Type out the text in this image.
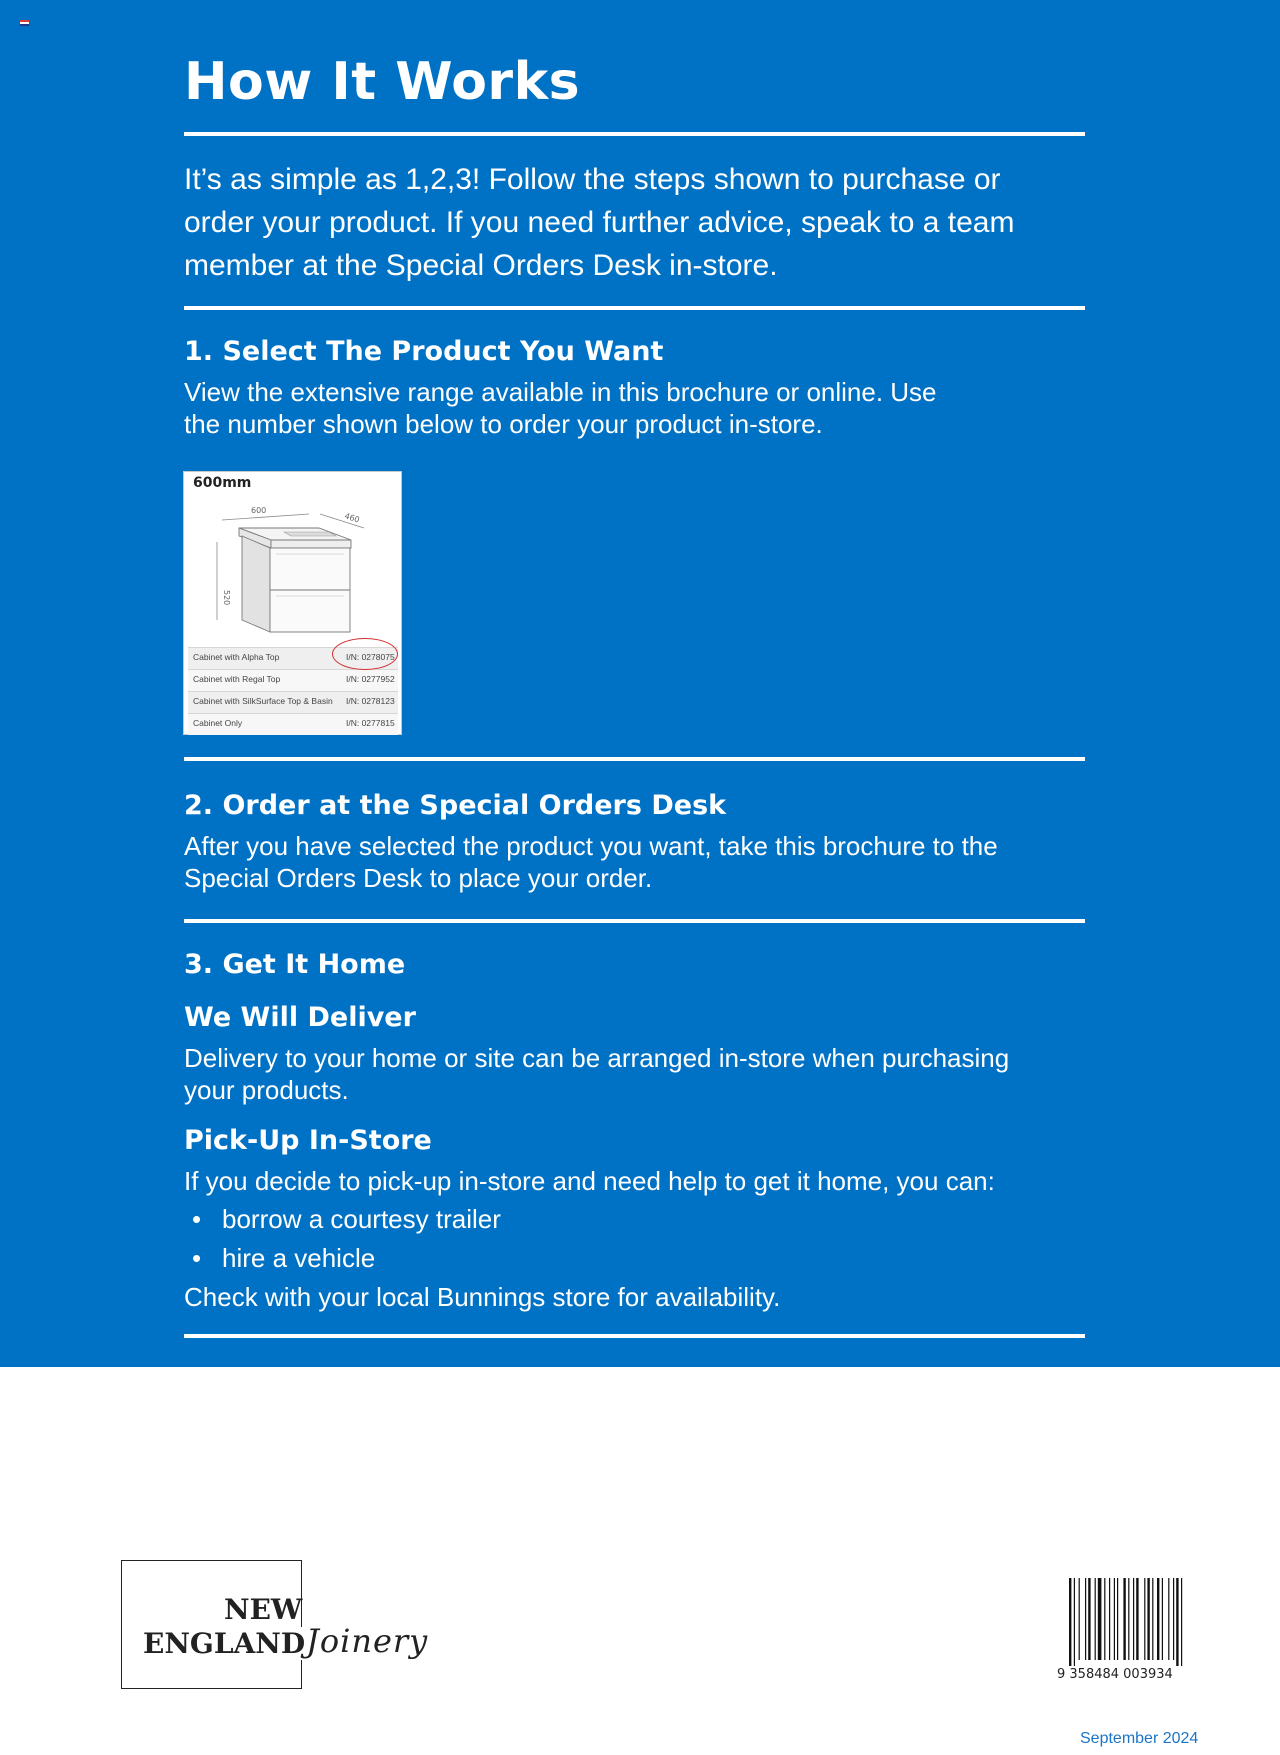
How It Works

It’s as simple as 1,2,3! Follow the steps shown to purchase or order your product. If you need further advice, speak to a team member at the Special Orders Desk in-store.

1. Select The Product You Want

View the extensive range available in this brochure or online. Use the number shown below to order your product in-store.

600mm
600
460
520
Cabinet with Alpha Top	I/N: 0278075
Cabinet with Regal Top	I/N: 0277952
Cabinet with SilkSurface Top & Basin I/N: 0278123
Cabinet Only	I/N: 0277815
2. Order at the Special Orders Desk

After you have selected the product you want, take this brochure to the Special Orders Desk to place your order.

3. Get It Home
We Will Deliver

Delivery to your home or site can be arranged in-store when purchasing your products.

Pick-Up In-Store

If you decide to pick-up in-store and need help to get it home, you can:

• borrow a courtesy trailer
• hire a vehicle

Check with your local Bunnings store for availability.

NEW
ENGLAND Joinery
9 358484 003934
September 2024
